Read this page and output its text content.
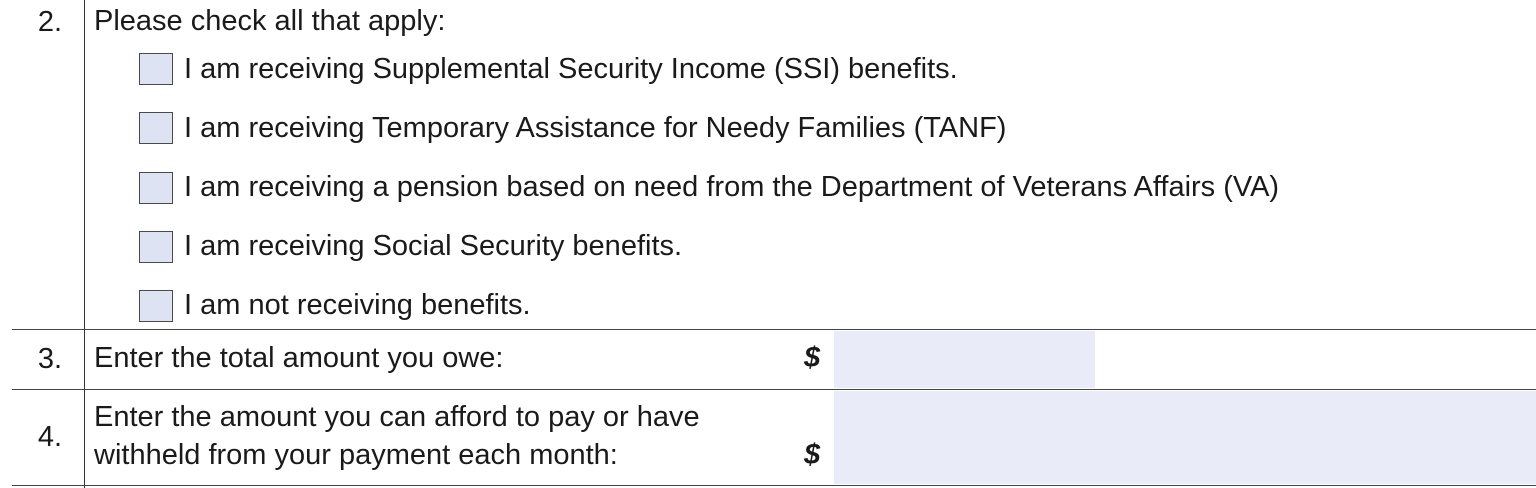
2. Please check all that apply:
I am receiving Supplemental Security Income (SSI) benefits.
I am receiving Temporary Assistance for Needy Families (TANF)
I am receiving a pension based on need from the Department of Veterans Affairs (VA)
I am receiving Social Security benefits.
I am not receiving benefits.
3. Enter the total amount you owe:	$
4.
Enter the amount you can afford to pay or have
withheld from your payment each month:	$
